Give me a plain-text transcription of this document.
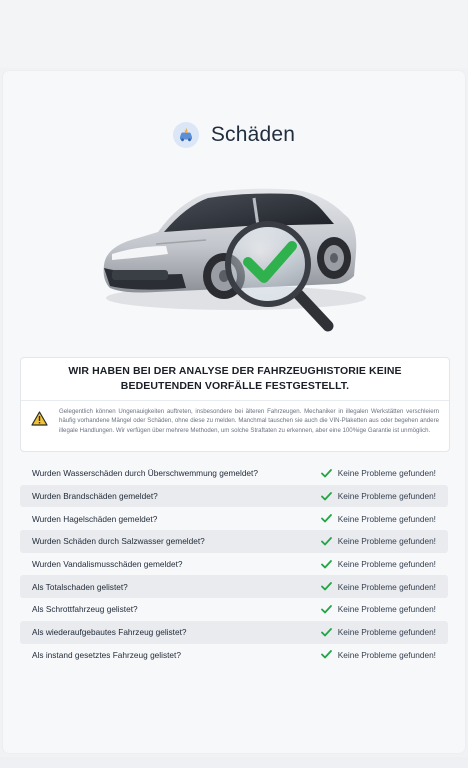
Schäden
WIR HABEN BEI DER ANALYSE DER FAHRZEUGHISTORIE KEINE BEDEUTENDEN VORFÄLLE FESTGESTELLT.
Gelegentlich können Ungenauigkeiten auftreten, insbesondere bei älteren Fahrzeugen. Mechaniker in illegalen Werkstätten verschleiern häufig vorhandene Mängel oder Schäden, ohne diese zu melden. Manchmal tauschen sie auch die VIN-Plaketten aus oder begehen andere illegale Handlungen. Wir verfügen über mehrere Methoden, um solche Straftaten zu erkennen, aber eine 100%ige Garantie ist unmöglich.
Wurden Wasserschäden durch Überschwemmung gemeldet?	Keine Probleme gefunden!
Wurden Brandschäden gemeldet?	Keine Probleme gefunden!
Wurden Hagelschäden gemeldet?	Keine Probleme gefunden!
Wurden Schäden durch Salzwasser gemeldet?	Keine Probleme gefunden!
Wurden Vandalismusschäden gemeldet?	Keine Probleme gefunden!
Als Totalschaden gelistet?	Keine Probleme gefunden!
Als Schrottfahrzeug gelistet?	Keine Probleme gefunden!
Als wiederaufgebautes Fahrzeug gelistet?	Keine Probleme gefunden!
Als instand gesetztes Fahrzeug gelistet?	Keine Probleme gefunden!
